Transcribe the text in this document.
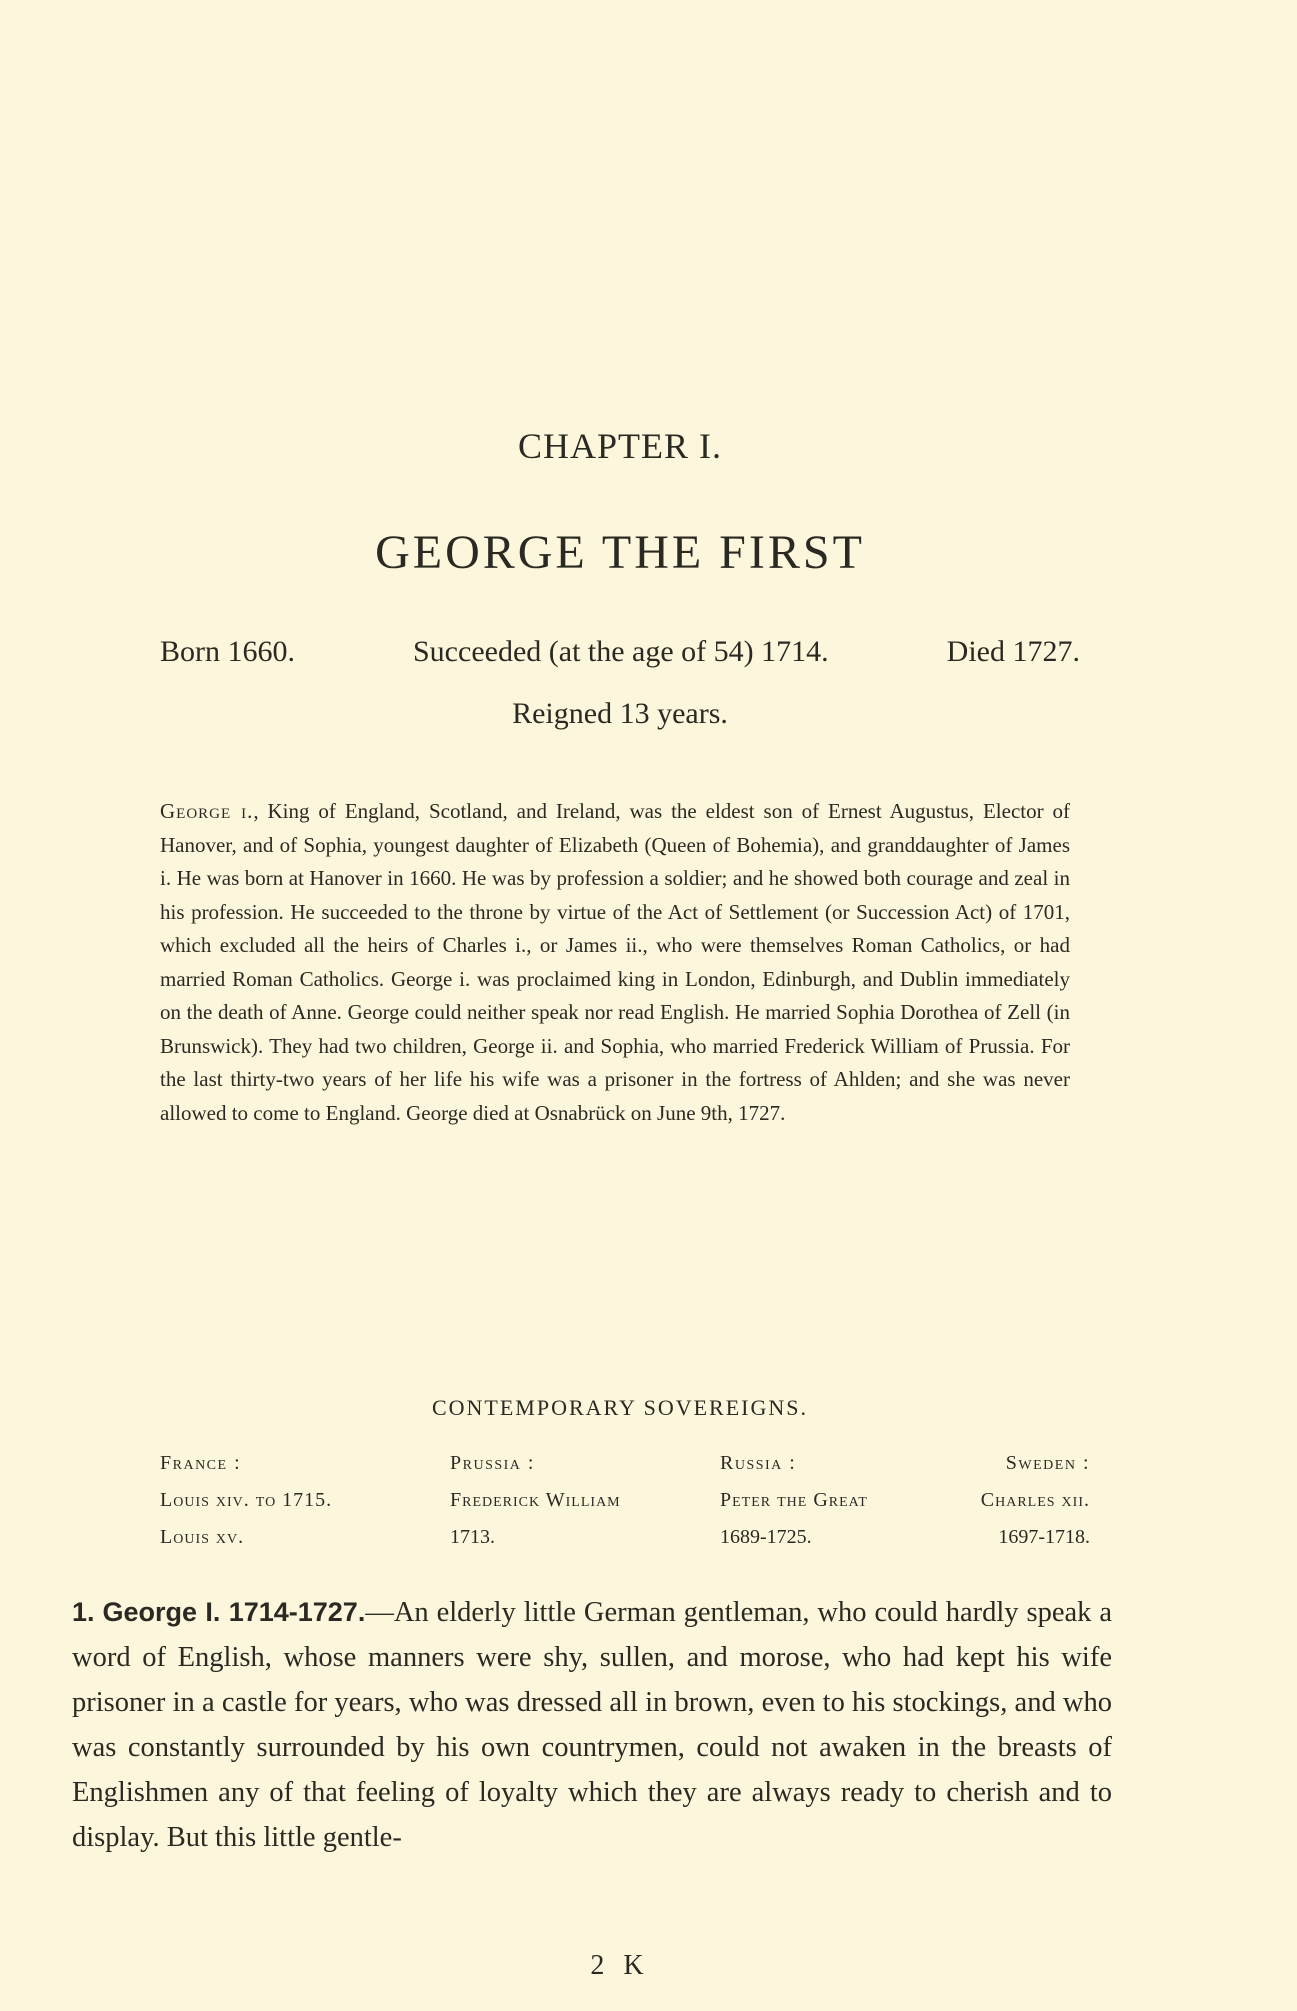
CHAPTER I.
GEORGE THE FIRST
Born 1660.	Succeeded (at the age of 54) 1714.	Died 1727.
Reigned 13 years.

George i., King of England, Scotland, and Ireland, was the eldest son of Ernest Augustus, Elector of Hanover, and of Sophia, youngest daughter of Elizabeth (Queen of Bohemia), and granddaughter of James i. He was born at Hanover in 1660. He was by profession a soldier; and he showed both courage and zeal in his profession. He succeeded to the throne by virtue of the Act of Settlement (or Succession Act) of 1701, which excluded all the heirs of Charles i., or James ii., who were themselves Roman Catholics, or had married Roman Catholics. George i. was proclaimed king in London, Edinburgh, and Dublin immediately on the death of Anne. George could neither speak nor read English. He married Sophia Dorothea of Zell (in Brunswick). They had two children, George ii. and Sophia, who married Frederick William of Prussia. For the last thirty-two years of her life his wife was a prisoner in the fortress of Ahlden; and she was never allowed to come to England. George died at Osnabrück on June 9th, 1727.

CONTEMPORARY SOVEREIGNS.
France :
Louis xiv. to 1715.
Louis xv.
Prussia :
Frederick William
1713.
Russia :
Peter the Great
1689-1725.
Sweden :
Charles xii.
1697-1718.

1. George I. 1714-1727.—An elderly little German gentleman, who could hardly speak a word of English, whose manners were shy, sullen, and morose, who had kept his wife prisoner in a castle for years, who was dressed all in brown, even to his stockings, and who was constantly surrounded by his own countrymen, could not awaken in the breasts of Englishmen any of that feeling of loyalty which they are always ready to cherish and to display. But this little gentle-

2 K
